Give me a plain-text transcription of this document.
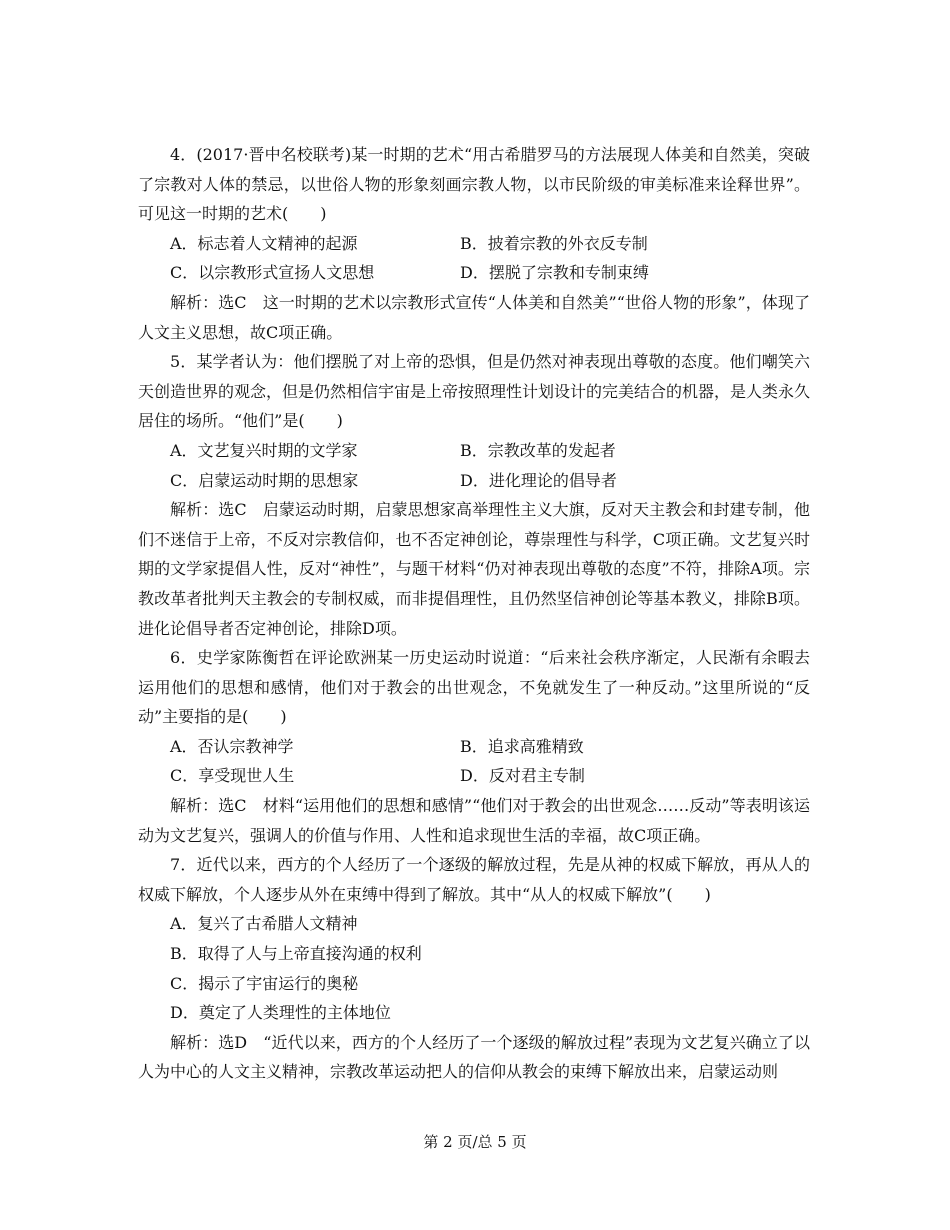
4．(2017·晋中名校联考)某一时期的艺术“用古希腊罗马的方法展现人体美和自然美，突破了宗教对人体的禁忌，以世俗人物的形象刻画宗教人物，以市民阶级的审美标准来诠释世界”。可见这一时期的艺术(　　)

A．标志着人文精神的起源	B．披着宗教的外衣反专制
C．以宗教形式宣扬人文思想	D．摆脱了宗教和专制束缚

解析：选C　这一时期的艺术以宗教形式宣传“人体美和自然美”“世俗人物的形象”，体现了人文主义思想，故C项正确。

5．某学者认为：他们摆脱了对上帝的恐惧，但是仍然对神表现出尊敬的态度。他们嘲笑六天创造世界的观念，但是仍然相信宇宙是上帝按照理性计划设计的完美结合的机器，是人类永久居住的场所。“他们”是(　　)

A．文艺复兴时期的文学家	B．宗教改革的发起者
C．启蒙运动时期的思想家	D．进化理论的倡导者

解析：选C　启蒙运动时期，启蒙思想家高举理性主义大旗，反对天主教会和封建专制，他们不迷信于上帝，不反对宗教信仰，也不否定神创论，尊崇理性与科学，C项正确。文艺复兴时期的文学家提倡人性，反对“神性”，与题干材料“仍对神表现出尊敬的态度”不符，排除A项。宗教改革者批判天主教会的专制权威，而非提倡理性，且仍然坚信神创论等基本教义，排除B项。进化论倡导者否定神创论，排除D项。

6．史学家陈衡哲在评论欧洲某一历史运动时说道：“后来社会秩序渐定，人民渐有余暇去运用他们的思想和感情，他们对于教会的出世观念，不免就发生了一种反动。”这里所说的“反动”主要指的是(　　)

A．否认宗教神学	B．追求高雅精致
C．享受现世人生	D．反对君主专制

解析：选C　材料“运用他们的思想和感情”“他们对于教会的出世观念……反动”等表明该运动为文艺复兴，强调人的价值与作用、人性和追求现世生活的幸福，故C项正确。

7．近代以来，西方的个人经历了一个逐级的解放过程，先是从神的权威下解放，再从人的权威下解放，个人逐步从外在束缚中得到了解放。其中“从人的权威下解放”(　　)

A．复兴了古希腊人文精神

B．取得了人与上帝直接沟通的权利

C．揭示了宇宙运行的奥秘

D．奠定了人类理性的主体地位

解析：选D　“近代以来，西方的个人经历了一个逐级的解放过程”表现为文艺复兴确立了以人为中心的人文主义精神，宗教改革运动把人的信仰从教会的束缚下解放出来，启蒙运动则

第 2 页/总 5 页
